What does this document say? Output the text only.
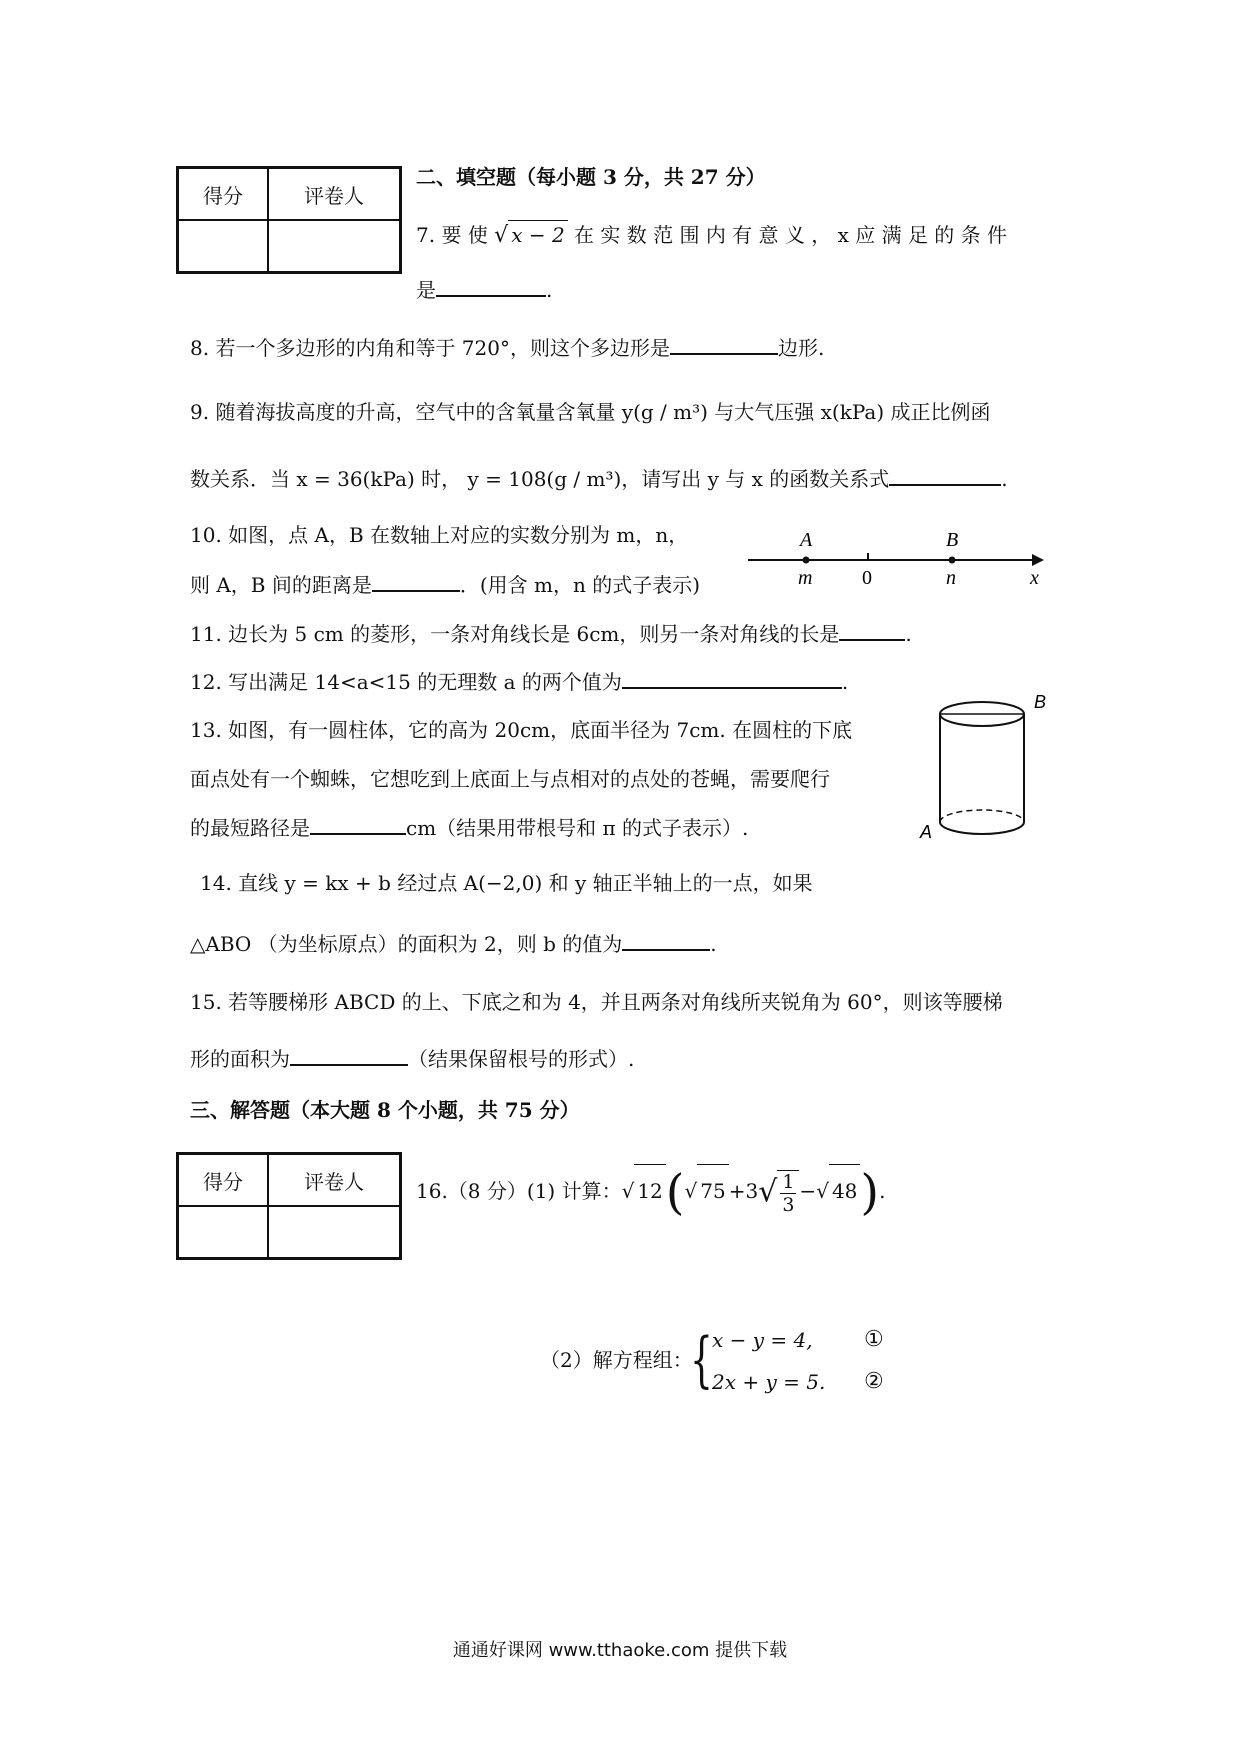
得分	评卷人

二、填空题（每小题 3 分，共 27 分）
7. 要 使 √ x − 2 在 实 数 范 围 内 有 意 义 ， x 应 满 足 的 条 件
是	.
8. 若一个多边形的内角和等于 720°，则这个多边形是	边形.
9. 随着海拔高度的升高，空气中的含氧量含氧量 y(g / m³) 与大气压强 x(kPa) 成正比例函
数关系．当 x = 36(kPa) 时， y = 108(g / m³)，请写出 y 与 x 的函数关系式	.
10. 如图，点 A，B 在数轴上对应的实数分别为 m，n，
则 A，B 间的距离是	．(用含 m，n 的式子表示)
A	B
m 0	n	x
11. 边长为 5 cm 的菱形，一条对角线长是 6cm，则另一条对角线的长是	.
12. 写出满足 14<a<15 的无理数 a 的两个值为	.
B
A
13. 如图，有一圆柱体，它的高为 20cm，底面半径为 7cm. 在圆柱的下底
面点处有一个蜘蛛，它想吃到上底面上与点相对的点处的苍蝇，需要爬行
的最短路径是	cm（结果用带根号和 π 的式子表示）.
14. 直线 y = kx + b 经过点 A(−2,0) 和 y 轴正半轴上的一点，如果
△ABO （为坐标原点）的面积为 2，则 b 的值为	.
15. 若等腰梯形 ABCD 的上、下底之和为 4，并且两条对角线所夹锐角为 60°，则该等腰梯
形的面积为	（结果保留根号的形式）.
三、解答题（本大题 8 个小题，共 75 分）
得分	评卷人
		16.（8 分）(1) 计算：√ 12(√ $75 +3√ \frac{1}{3}$ −√ 48).
（2）解方程组：
{ x − y = 4, ①
2x + y = 5. ②
通通好课网 www.tthaoke.com 提供下载
